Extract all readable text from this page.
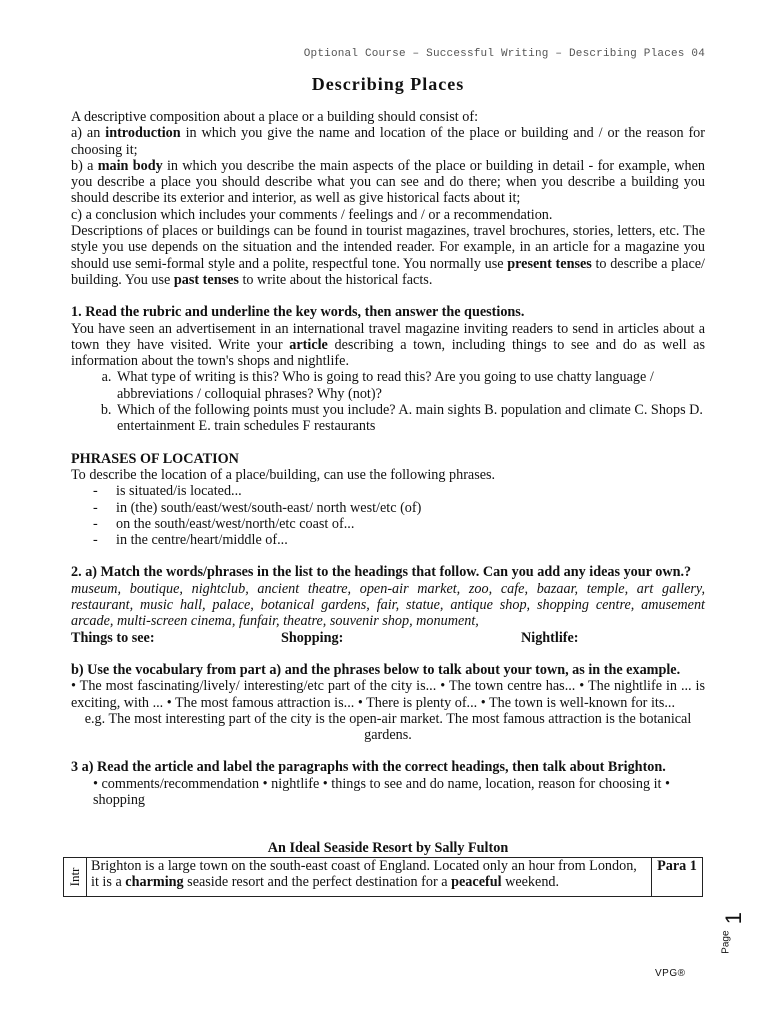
Optional Course – Successful Writing – Describing Places 04
Describing Places

A descriptive composition about a place or a building should consist of:

a) an introduction in which you give the name and location of the place or building and / or the reason for choosing it;

b) a main body in which you describe the main aspects of the place or building in detail - for example, when you describe a place you should describe what you can see and do there; when you describe a building you should describe its exterior and interior, as well as give historical facts about it;

c) a conclusion which includes your comments / feelings and / or a recommendation.

Descriptions of places or buildings can be found in tourist magazines, travel brochures, stories, letters, etc. The style you use depends on the situation and the intended reader. For example, in an article for a magazine you should use semi-formal style and a polite, respectful tone. You normally use present tenses to describe a place/ building. You use past tenses to write about the historical facts.

1. Read the rubric and underline the key words, then answer the questions.

You have seen an advertisement in an international travel magazine inviting readers to send in articles about a town they have visited. Write your article describing a town, including things to see and do as well as information about the town's shops and nightlife.

a. What type of writing is this? Who is going to read this? Are you going to use chatty language / abbreviations / colloquial phrases? Why (not)?
b. Which of the following points must you include? A. main sights B. population and climate C. Shops D. entertainment E. train schedules F restaurants

PHRASES OF LOCATION

To describe the location of a place/building, can use the following phrases.

- is situated/is located...
- in (the) south/east/west/south-east/ north west/etc (of)
- on the south/east/west/north/etc coast of...
- in the centre/heart/middle of...

2. a) Match the words/phrases in the list to the headings that follow. Can you add any ideas your own.?

museum, boutique, nightclub, ancient theatre, open-air market, zoo, cafe, bazaar, temple, art gallery, restaurant, music hall, palace, botanical gardens, fair, statue, antique shop, shopping centre, amusement arcade, multi-screen cinema, funfair, theatre, souvenir shop, monument,

Things to see:	Shopping:	Nightlife:

b) Use the vocabulary from part a) and the phrases below to talk about your town, as in the example.

• The most fascinating/lively/ interesting/etc part of the city is... • The town centre has... • The nightlife in ... is exciting, with ... • The most famous attraction is... • There is plenty of... • The town is well-known for its...

e.g. The most interesting part of the city is the open-air market. The most famous attraction is the botanical gardens.

3 a) Read the article and label the paragraphs with the correct headings, then talk about Brighton.

• comments/recommendation • nightlife • things to see and do name, location, reason for choosing it • shopping

An Ideal Seaside Resort by Sally Fulton

Intr
	Brighton is a large town on the south-east coast of England. Located only an hour from London, it is a charming seaside resort and the perfect destination for a peaceful weekend.	Para 1
Page
1
VPG®
